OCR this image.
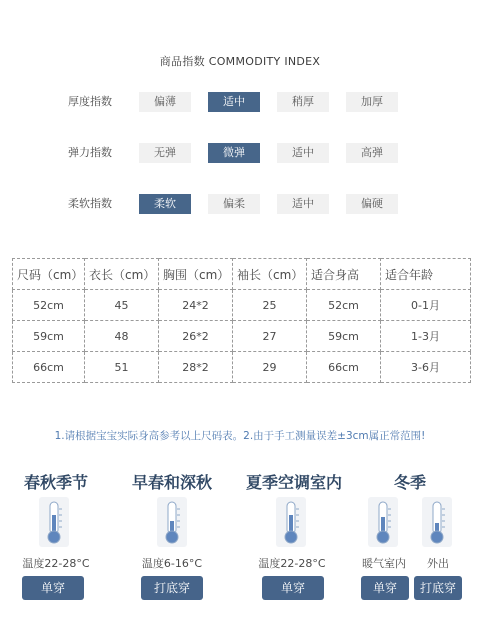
商品指数 COMMODITY INDEX
厚度指数	偏薄	适中	稍厚	加厚
弹力指数	无弹	微弹	适中	高弹
柔软指数	柔软	偏柔	适中	偏硬
尺码（cm）	衣长（cm）	胸围（cm）	袖长（cm）	适合身高	适合年龄
52cm	45	24*2	25	52cm	0-1月
59cm	48	26*2	27	59cm	1-3月
66cm	51	28*2	29	66cm	3-6月
1.请根据宝宝实际身高参考以上尺码表。2.由于手工测量误差±3cm属正常范围!
春秋季节	早春和深秋	夏季空调室内	冬季
温度22-28°C	温度6-16°C	温度22-28°C	暖气室内	外出
单穿	打底穿	单穿	单穿	打底穿
